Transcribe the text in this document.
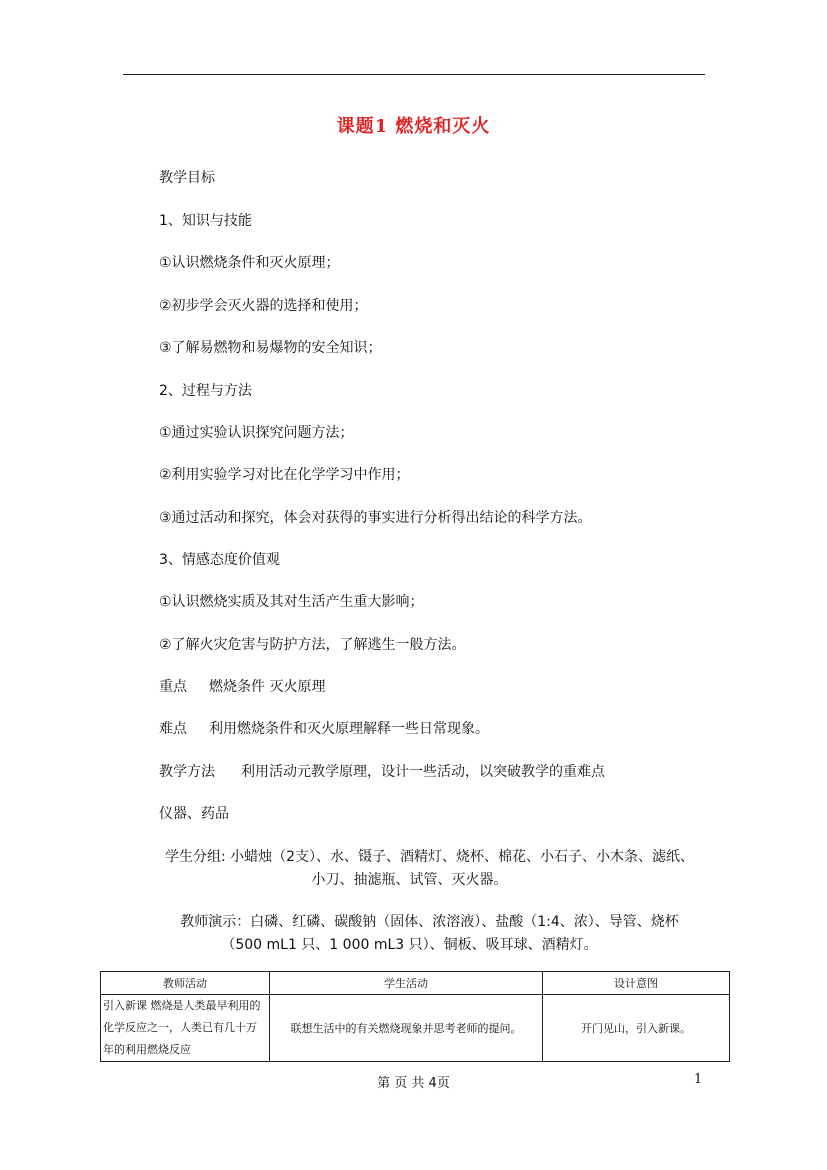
课题1 燃烧和灭火
教学目标
1、知识与技能
①认识燃烧条件和灭火原理；
②初步学会灭火器的选择和使用；
③了解易燃物和易爆物的安全知识；
2、过程与方法
①通过实验认识探究问题方法；
②利用实验学习对比在化学学习中作用；
③通过活动和探究，体会对获得的事实进行分析得出结论的科学方法。
3、情感态度价值观
①认识燃烧实质及其对生活产生重大影响；
②了解火灾危害与防护方法，了解逃生一般方法。
重点 燃烧条件 灭火原理
难点 利用燃烧条件和灭火原理解释一些日常现象。
教学方法 利用活动元教学原理，设计一些活动，以突破教学的重难点
仪器、药品
学生分组: 小蜡烛（2支）、水、镊子、酒精灯、烧杯、棉花、小石子、小木条、滤纸、
小刀、抽滤瓶、试管、灭火器。
教师演示：白磷、红磷、碳酸钠（固体、浓溶液）、盐酸（1:4、浓）、导管、烧杯
（500 mL1 只、1 000 mL3 只）、铜板、吸耳球、酒精灯。
教师活动	学生活动	设计意图
引入新课 燃烧是人类最早利用的化学反应之一，人类已有几十万年的利用燃烧反应	联想生活中的有关燃烧现象并思考老师的提问。	开门见山，引入新课。
第 页 共 4页	1
